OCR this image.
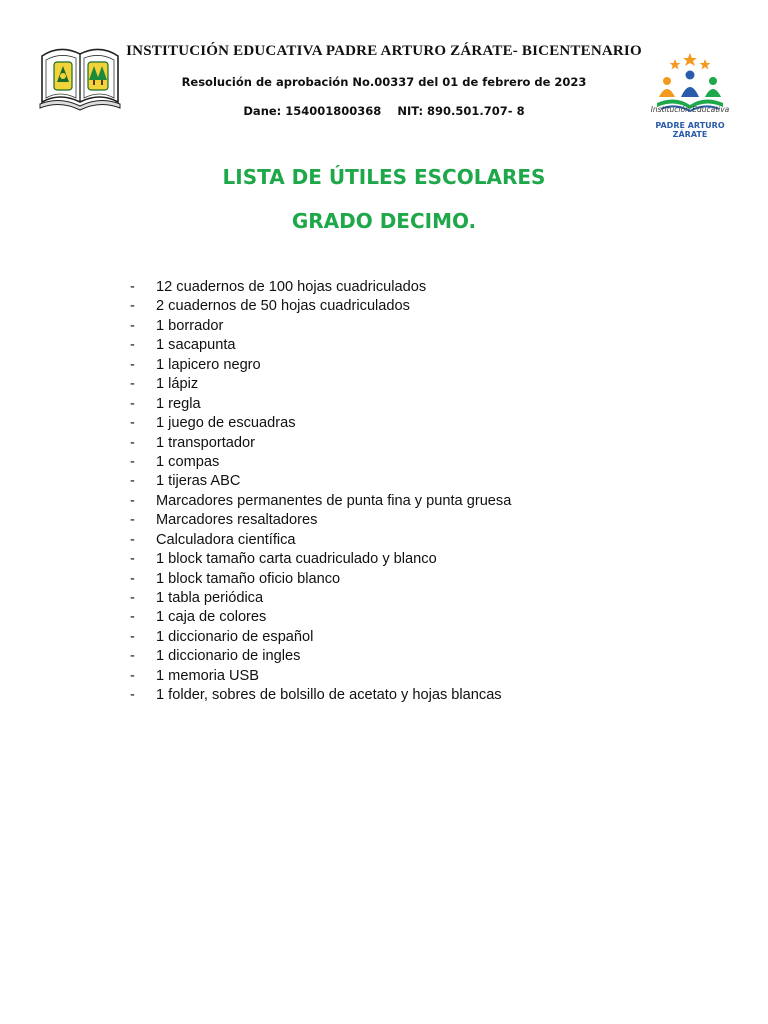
INSTITUCIÓN EDUCATIVA PADRE ARTURO ZÁRATE- BICENTENARIO
Resolución de aprobación No.00337 del 01 de febrero de 2023
Dane: 154001800368 NIT: 890.501.707- 8	Institución Educativa
PADRE ARTURO ZÁRATE
LISTA DE ÚTILES ESCOLARES
GRADO DECIMO.
- 12 cuadernos de 100 hojas cuadriculados
- 2 cuadernos de 50 hojas cuadriculados
- 1 borrador
- 1 sacapunta
- 1 lapicero negro
- 1 lápiz
- 1 regla
- 1 juego de escuadras
- 1 transportador
- 1 compas
- 1 tijeras ABC
- Marcadores permanentes de punta fina y punta gruesa
- Marcadores resaltadores
- Calculadora científica
- 1 block tamaño carta cuadriculado y blanco
- 1 block tamaño oficio blanco
- 1 tabla periódica
- 1 caja de colores
- 1 diccionario de español
- 1 diccionario de ingles
- 1 memoria USB
- 1 folder, sobres de bolsillo de acetato y hojas blancas
